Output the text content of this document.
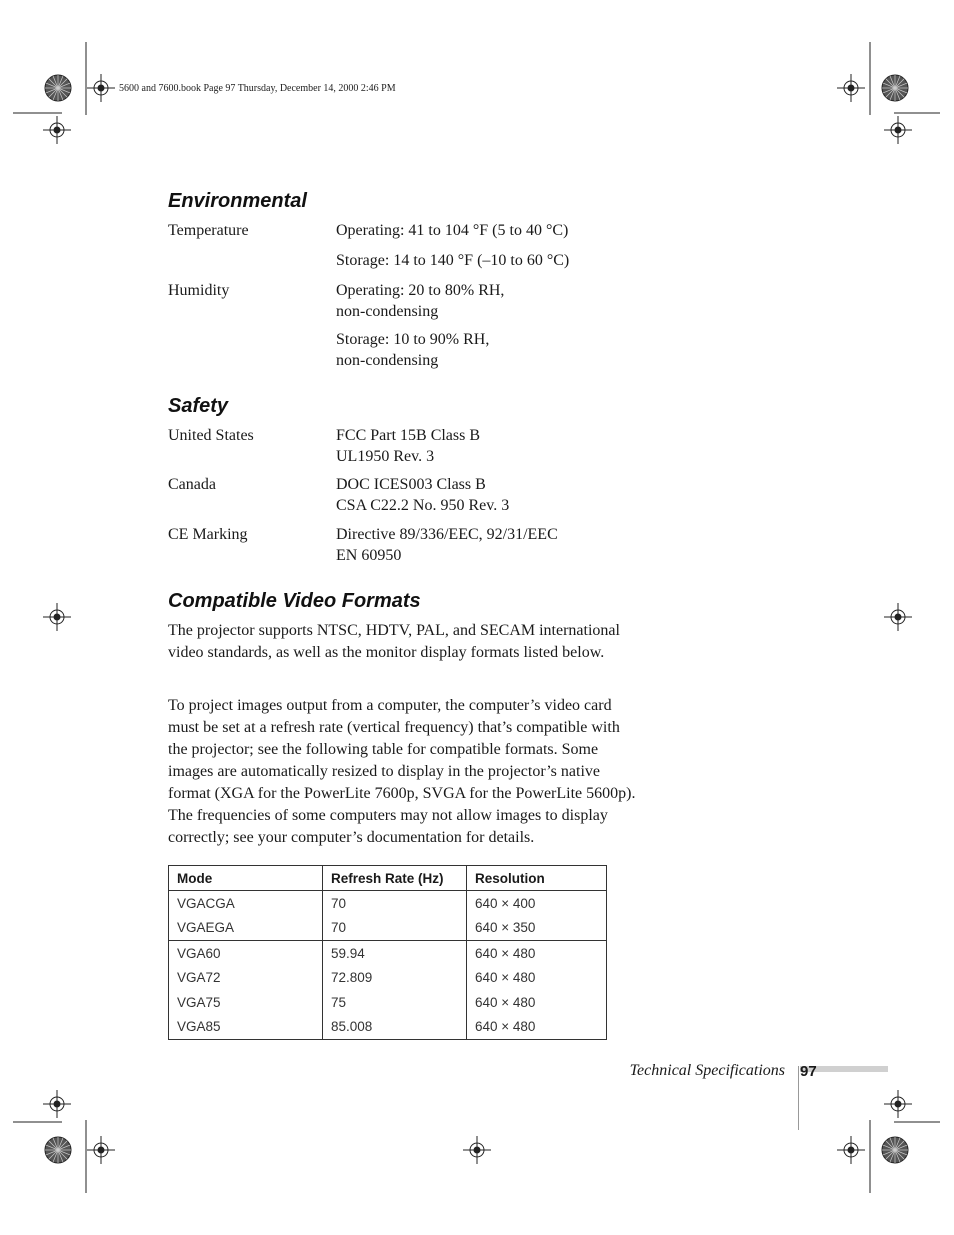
5600 and 7600.book Page 97 Thursday, December 14, 2000 2:46 PM
Environmental
Temperature	Operating: 41 to 104 °F (5 to 40 °C)
Storage: 14 to 140 °F (–10 to 60 °C)
Humidity	Operating: 20 to 80% RH,
non-condensing
Storage: 10 to 90% RH,
non-condensing
Safety
United States	FCC Part 15B Class B
UL1950 Rev. 3
Canada	DOC ICES003 Class B
CSA C22.2 No. 950 Rev. 3
CE Marking	Directive 89/336/EEC, 92/31/EEC
EN 60950
Compatible Video Formats
The projector supports NTSC, HDTV, PAL, and SECAM international video standards, as well as the monitor display formats listed below.
To project images output from a computer, the computer’s video card must be set at a refresh rate (vertical frequency) that’s compatible with the projector; see the following table for compatible formats. Some images are automatically resized to display in the projector’s native format (XGA for the PowerLite 7600p, SVGA for the PowerLite 5600p). The frequencies of some computers may not allow images to display correctly; see your computer’s documentation for details.
Mode	Refresh Rate (Hz)	Resolution
VGACGA	70	640 × 400
VGAEGA	70	640 × 350
VGA60	59.94	640 × 480
VGA72	72.809	640 × 480
VGA75	75	640 × 480
VGA85	85.008	640 × 480
Technical Specifications 97
